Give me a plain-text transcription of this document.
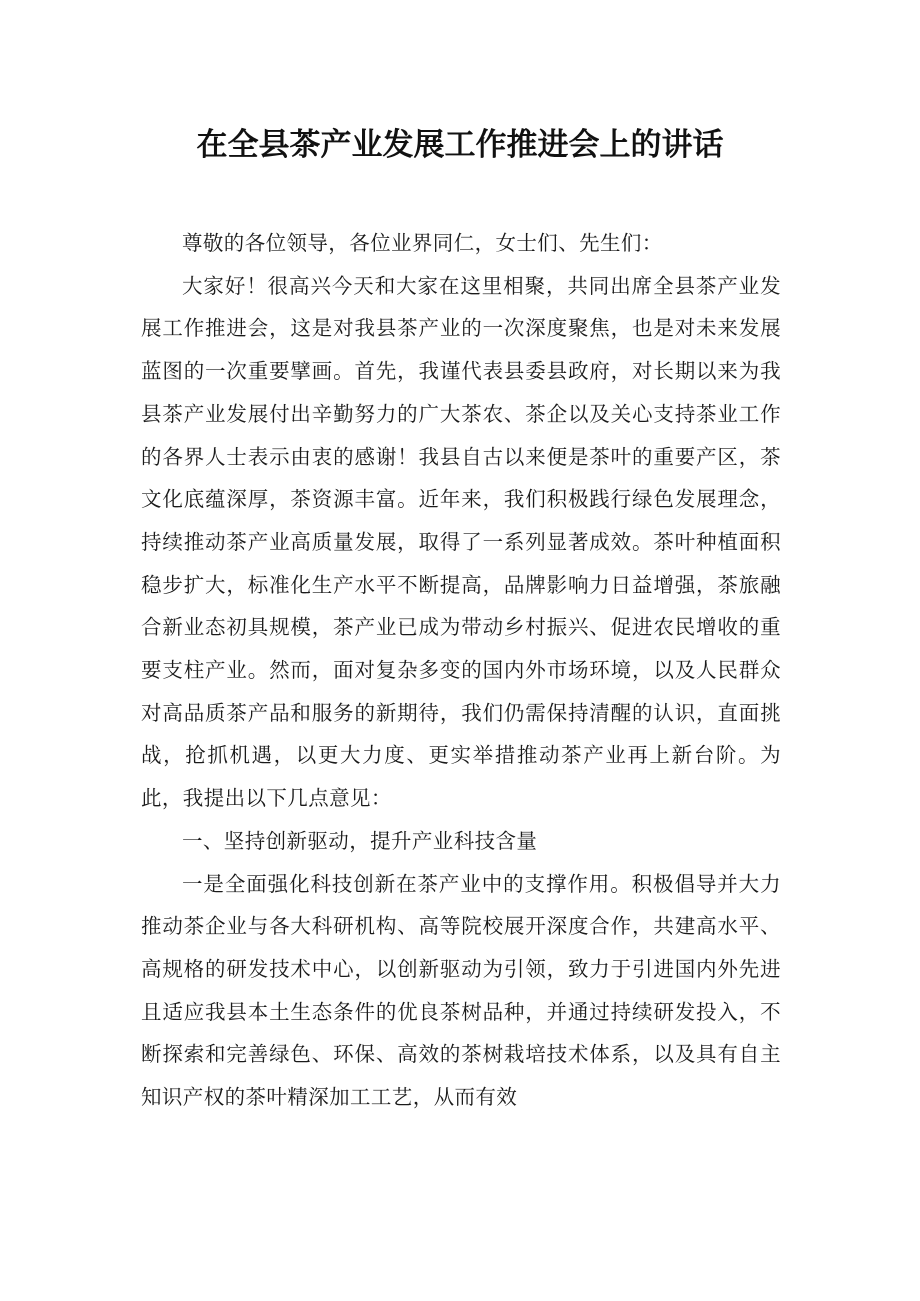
在全县茶产业发展工作推进会上的讲话

尊敬的各位领导，各位业界同仁，女士们、先生们：

大家好！很高兴今天和大家在这里相聚，共同出席全县茶产业发展工作推进会，这是对我县茶产业的一次深度聚焦，也是对未来发展蓝图的一次重要擘画。首先，我谨代表县委县政府，对长期以来为我县茶产业发展付出辛勤努力的广大茶农、茶企以及关心支持茶业工作的各界人士表示由衷的感谢！我县自古以来便是茶叶的重要产区，茶文化底蕴深厚，茶资源丰富。近年来，我们积极践行绿色发展理念，持续推动茶产业高质量发展，取得了一系列显著成效。茶叶种植面积稳步扩大，标准化生产水平不断提高，品牌影响力日益增强，茶旅融合新业态初具规模，茶产业已成为带动乡村振兴、促进农民增收的重要支柱产业。然而，面对复杂多变的国内外市场环境，以及人民群众对高品质茶产品和服务的新期待，我们仍需保持清醒的认识，直面挑战，抢抓机遇，以更大力度、更实举措推动茶产业再上新台阶。为此，我提出以下几点意见：

一、坚持创新驱动，提升产业科技含量

一是全面强化科技创新在茶产业中的支撑作用。积极倡导并大力推动茶企业与各大科研机构、高等院校展开深度合作，共建高水平、高规格的研发技术中心，以创新驱动为引领，致力于引进国内外先进且适应我县本土生态条件的优良茶树品种，并通过持续研发投入，不断探索和完善绿色、环保、高效的茶树栽培技术体系，以及具有自主知识产权的茶叶精深加工工艺，从而有效
